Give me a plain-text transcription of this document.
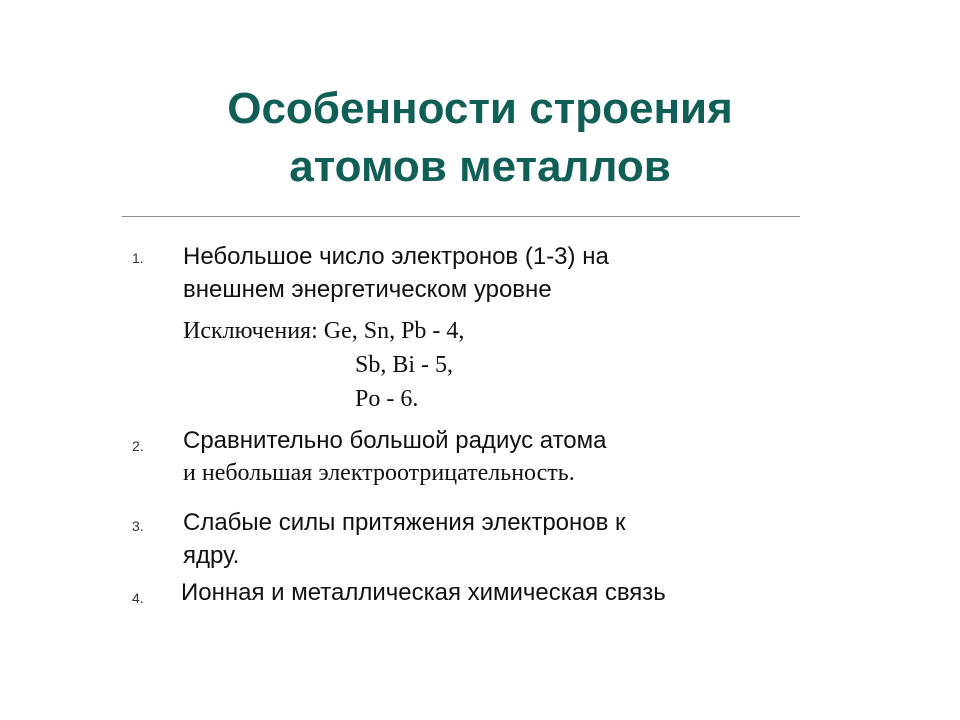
Особенности строения
атомов металлов
1. Небольшое число электронов (1-3) на
внешнем энергетическом уровне
Исключения: Ge, Sn, Pb - 4,
Sb, Bi - 5,
Po - 6.
2. Сравнительно большой радиус атома
и небольшая электроотрицательность.
3. Слабые силы притяжения электронов к
ядру.
4. Ионная и металлическая химическая связь
